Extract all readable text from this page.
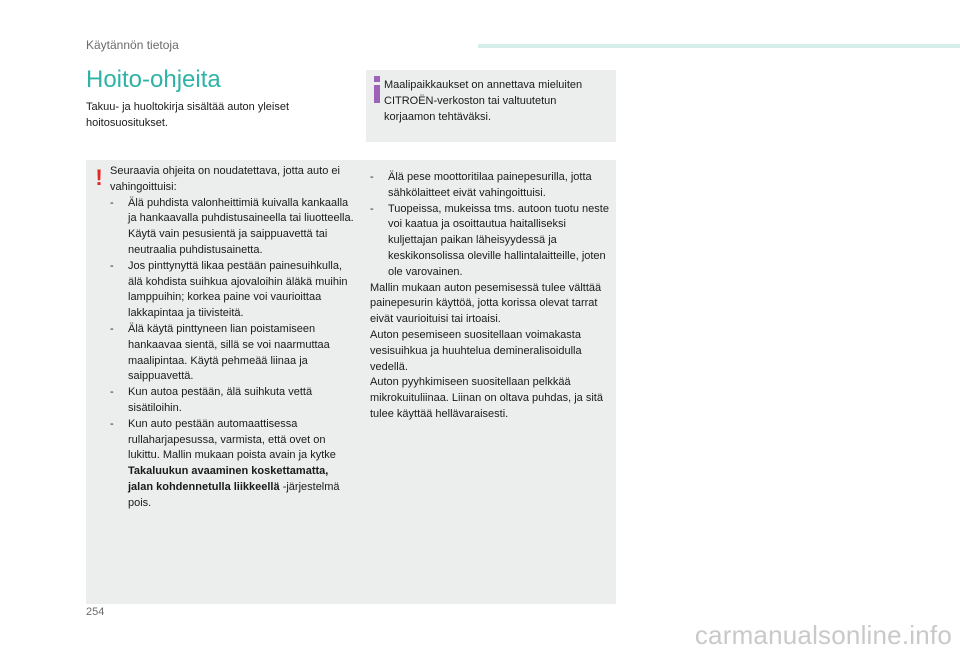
Käytännön tietoja
Hoito-ohjeita

Takuu- ja huoltokirja sisältää auton yleiset hoitosuositukset.

Maalipaikkaukset on annettava mieluiten CITROËN-verkoston tai valtuutetun korjaamon tehtäväksi.

! Seuraavia ohjeita on noudatettava, jotta auto ei vahingoittuisi:

- Älä puhdista valonheittimiä kuivalla kankaalla ja hankaavalla puhdistusaineella tai liuotteella. Käytä vain pesusientä ja saippuavettä tai neutraalia puhdistusainetta.
- Jos pinttynyttä likaa pestään painesuihkulla, älä kohdista suihkua ajovaloihin äläkä muihin lamppuihin; korkea paine voi vaurioittaa lakkapintaa ja tiivisteitä.
- Älä käytä pinttyneen lian poistamiseen hankaavaa sientä, sillä se voi naarmuttaa maalipintaa. Käytä pehmeää liinaa ja saippuavettä.
- Kun autoa pestään, älä suihkuta vettä sisätiloihin.
- Kun auto pestään automaattisessa rullaharjapesussa, varmista, että ovet on lukittu. Mallin mukaan poista avain ja kytke Takaluukun avaaminen koskettamatta, jalan kohdennetulla liikkeellä -järjestelmä pois.
- Älä pese moottoritilaa painepesurilla, jotta sähkölaitteet eivät vahingoittuisi.
- Tuopeissa, mukeissa tms. autoon tuotu neste voi kaatua ja osoittautua haitalliseksi kuljettajan paikan läheisyydessä ja keskikonsolissa oleville hallintalaitteille, joten ole varovainen.

Mallin mukaan auton pesemisessä tulee välttää painepesurin käyttöä, jotta korissa olevat tarrat eivät vaurioituisi tai irtoaisi.

Auton pesemiseen suositellaan voimakasta vesisuihkua ja huuhtelua demineralisoidulla vedellä.

Auton pyyhkimiseen suositellaan pelkkää mikrokuituliinaa. Liinan on oltava puhdas, ja sitä tulee käyttää hellävaraisesti.

254
carmanualsonline.info
